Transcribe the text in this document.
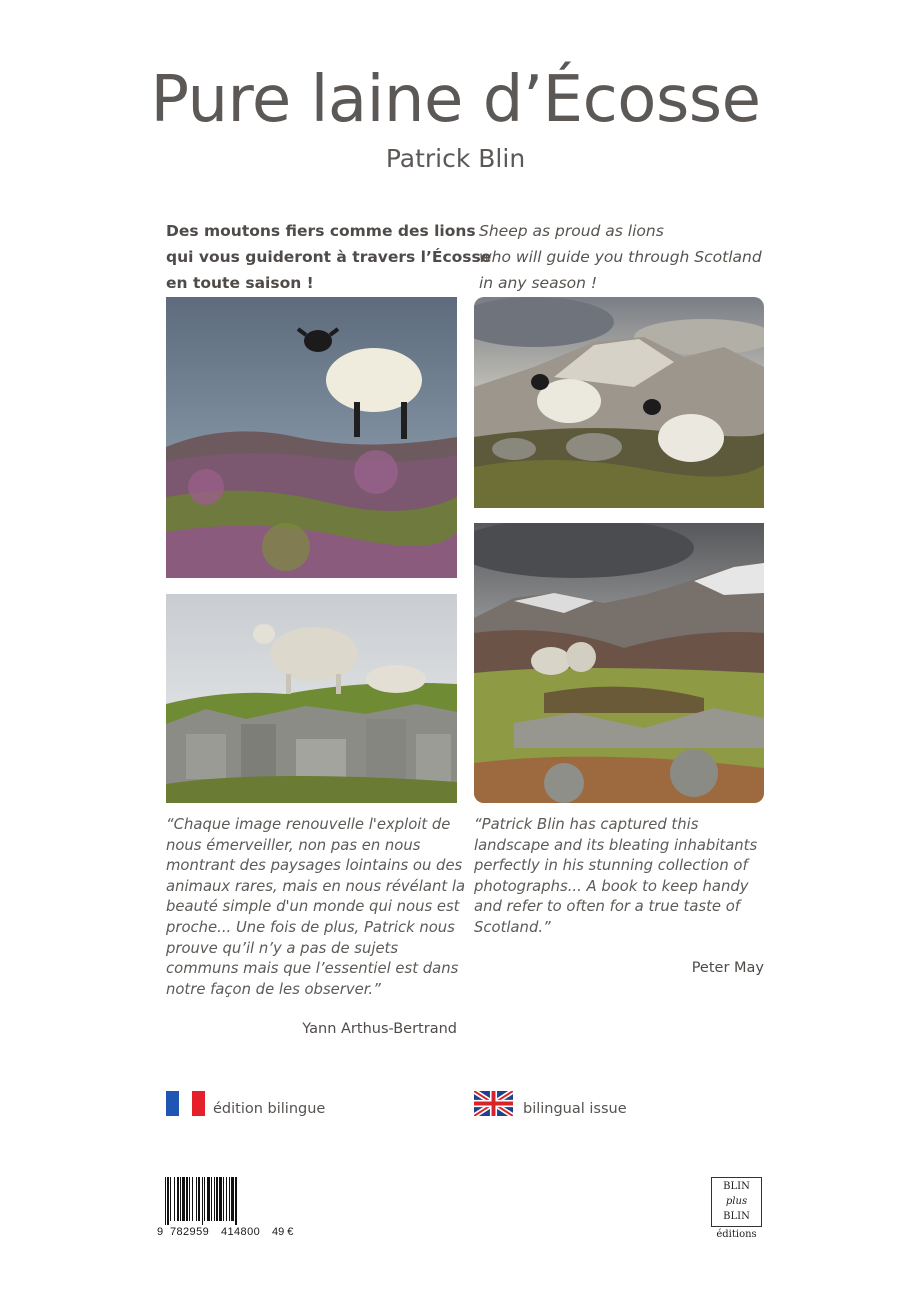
Pure laine d’Écosse
Patrick Blin
Des moutons fiers comme des lions
qui vous guideront à travers l’Écosse
en toute saison !
Sheep as proud as lions
who will guide you through Scotland
in any season !
“Chaque image renouvelle l'exploit de
nous émerveiller, non pas en nous
montrant des paysages lointains ou des
animaux rares, mais en nous révélant la
beauté simple d'un monde qui nous est
proche... Une fois de plus, Patrick nous
prouve qu’il n’y a pas de sujets
communs mais que l’essentiel est dans
notre façon de les observer.”
Yann Arthus-Bertrand
“Patrick Blin has captured this
landscape and its bleating inhabitants
perfectly in his stunning collection of
photographs... A book to keep handy
and refer to often for a true taste of
Scotland.”
Peter May
édition bilingue	bilingual issue
9 782959 414800 49 €
BLIN
plus
BLIN
éditions
